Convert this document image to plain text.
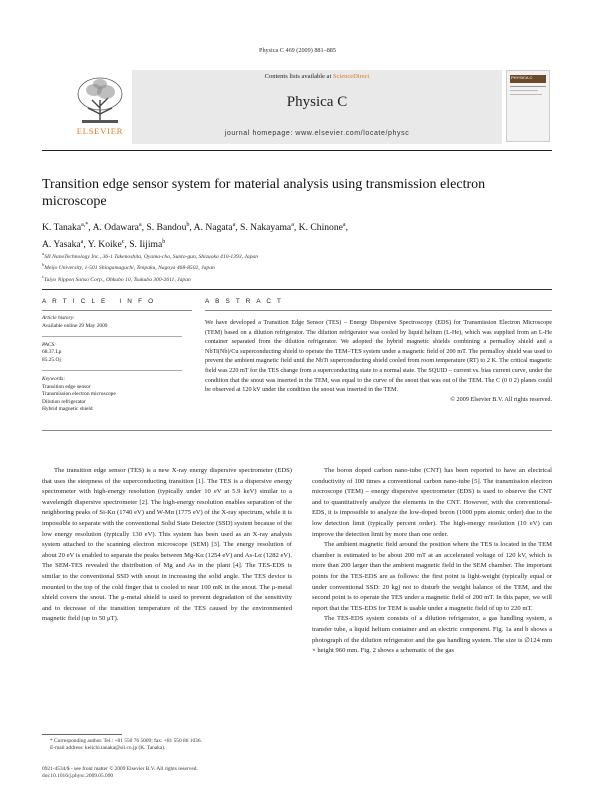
Physica C 469 (2009) 881–885
ELSEVIER
Contents lists available at ScienceDirect
Physica C
journal homepage: www.elsevier.com/locate/physc
PHYSICA C
Transition edge sensor system for material analysis using transmission electron microscope
K. Tanaka$^{a,*}$, A. Odawara$^a$, S. Bandou$^b$, A. Nagata$^a$, S. Nakayama$^a$, K. Chinone$^a$,
A. Yasaka$^a$, Y. Koike$^c$, S. Iijima$^b$
$^a$SII NanoTechnology Inc., 36-1 Takenoshita, Oyama-cho, Sunto-gun, Shizuoka 410-1393, Japan
$^b$Meijo University, 1-501 Shiogamaguchi, Tenpaku, Nagoya 468-8502, Japan
$^c$Taiyo Nippon Sanso Corp., Ohkubo 10, Tsukuba 300-2611, Japan
A R T I C L E   I N F O	A B S T R A C T
Article history:
Available online 29 May 2009
PACS:
68.37.Lp
85.25.Oj
Keywords:
Transition edge sensor
Transmission electron microscope
Dilution refrigerator
Hybrid magnetic shield
We have developed a Transition Edge Sensor (TES) – Energy Dispersive Spectroscopy (EDS) for Transmission Electron Microscope (TEM) based on a dilution refrigerator. The dilution refrigerator was cooled by liquid helium (L-He), which was supplied from an L-He container separated from the dilution refrigerator. We adopted the hybrid magnetic shields combining a permalloy shield and a NbTi(Nb)/Cu superconducting shield to operate the TEM–TES system under a magnetic field of 200 mT. The permalloy shield was used to prevent the ambient magnetic field until the NbTi superconducting shield cooled from room temperature (RT) to 2 K. The critical magnetic field was 220 mT for the TES change from a superconducting state to a normal state. The SQUID – current vs. bias current curve, under the condition that the snout was inserted in the TEM, was equal to the curve of the snout that was out of the TEM. The C (0 0 2) planes could be observed at 120 kV under the condition the snout was inserted in the TEM.
© 2009 Elsevier B.V. All rights reserved.

The transition edge sensor (TES) is a new X-ray energy dispersive spectrometer (EDS) that uses the steepness of the superconducting transition [1]. The TES is a dispersive energy spectrometer with high-energy resolution (typically under 10 eV at 5.9 keV) similar to a wavelength dispersive spectrometer [2]. The high-energy resolution enables separation of the neighboring peaks of Si-Kα (1740 eV) and W-Mα (1775 eV) of the X-ray spectrum, while it is impossible to separate with the conventional Solid State Detector (SSD) system because of the low energy resolution (typically 130 eV). This system has been used as an X-ray analysis system attached to the scanning electron microscope (SEM) [3]. The energy resolution of about 20 eV is enabled to separate the peaks between Mg-Kα (1254 eV) and As-Lα (1282 eV). The SEM-TES revealed the distribution of Mg and As in the plant [4]. The TES-EDS is similar to the conventional SSD with snout in increasing the solid angle. The TES device is mounted to the top of the cold finger that is cooled to near 100 mK in the snout. The μ-metal shield covers the snout. The μ-metal shield is used to prevent degradation of the sensitivity and to decrease of the transition temperature of the TES caused by the environmented magnetic field (up to 50 μT).

The boron doped carbon nano-tube (CNT) has been reported to have an electrical conductivity of 100 times a conventional carbon nano-tube [5]. The transmission electron microscope (TEM) – energy dispersive spectrometer (EDS) is used to observe the CNT and to quantitatively analyze the elements in the CNT. However, with the conventional-EDS, it is impossible to analyze the low-doped boron (1000 ppm atomic order) due to the low detection limit (typically percent order). The high-energy resolution (10 eV) can improve the detection limit by more than one order.

The ambient magnetic field around the position where the TES is located in the TEM chamber is estimated to be about 200 mT at an accelerated voltage of 120 kV, which is more than 200 larger than the ambient magnetic field in the SEM chamber. The important points for the TES-EDS are as follows: the first point is light-weight (typically equal or under conventional SSD: 20 kg) not to disturb the weight balance of the TEM, and the second point is to operate the TES under a magnetic field of 200 mT. In this paper, we will report that the TES-EDS for TEM is usable under a magnetic field of up to 220 mT.

The TES-EDS system consists of a dilution refrigerator, a gas handling system, a transfer tube, a liquid helium container and an electric component. Fig. 1a and b shows a photograph of the dilution refrigerator and the gas handling system. The size is ∅124 mm × height 960 mm. Fig. 2 shows a schematic of the gas

* Corresponding author. Tel.: +81 550 76 5009; fax: +81 550 86 1036.
E-mail address: keiichi.tanaka@sii.co.jp (K. Tanaka).
0921-4534/$ - see front matter © 2009 Elsevier B.V. All rights reserved.
doi:10.1016/j.physc.2009.05.090
